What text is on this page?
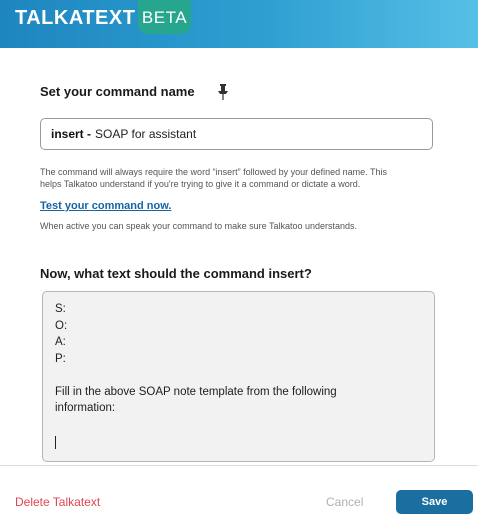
TALKATEXT BETA
Set your command name
insert - SOAP for assistant
The command will always require the word “insert” followed by your defined name. This
helps Talkatoo understand if you're trying to give it a command or dictate a word.
Test your command now.
When active you can speak your command to make sure Talkatoo understands.
Now, what text should the command insert?
S:
O:
A:
P:
Fill in the above SOAP note template from the following
information:
Delete Talkatext	Cancel	Save
